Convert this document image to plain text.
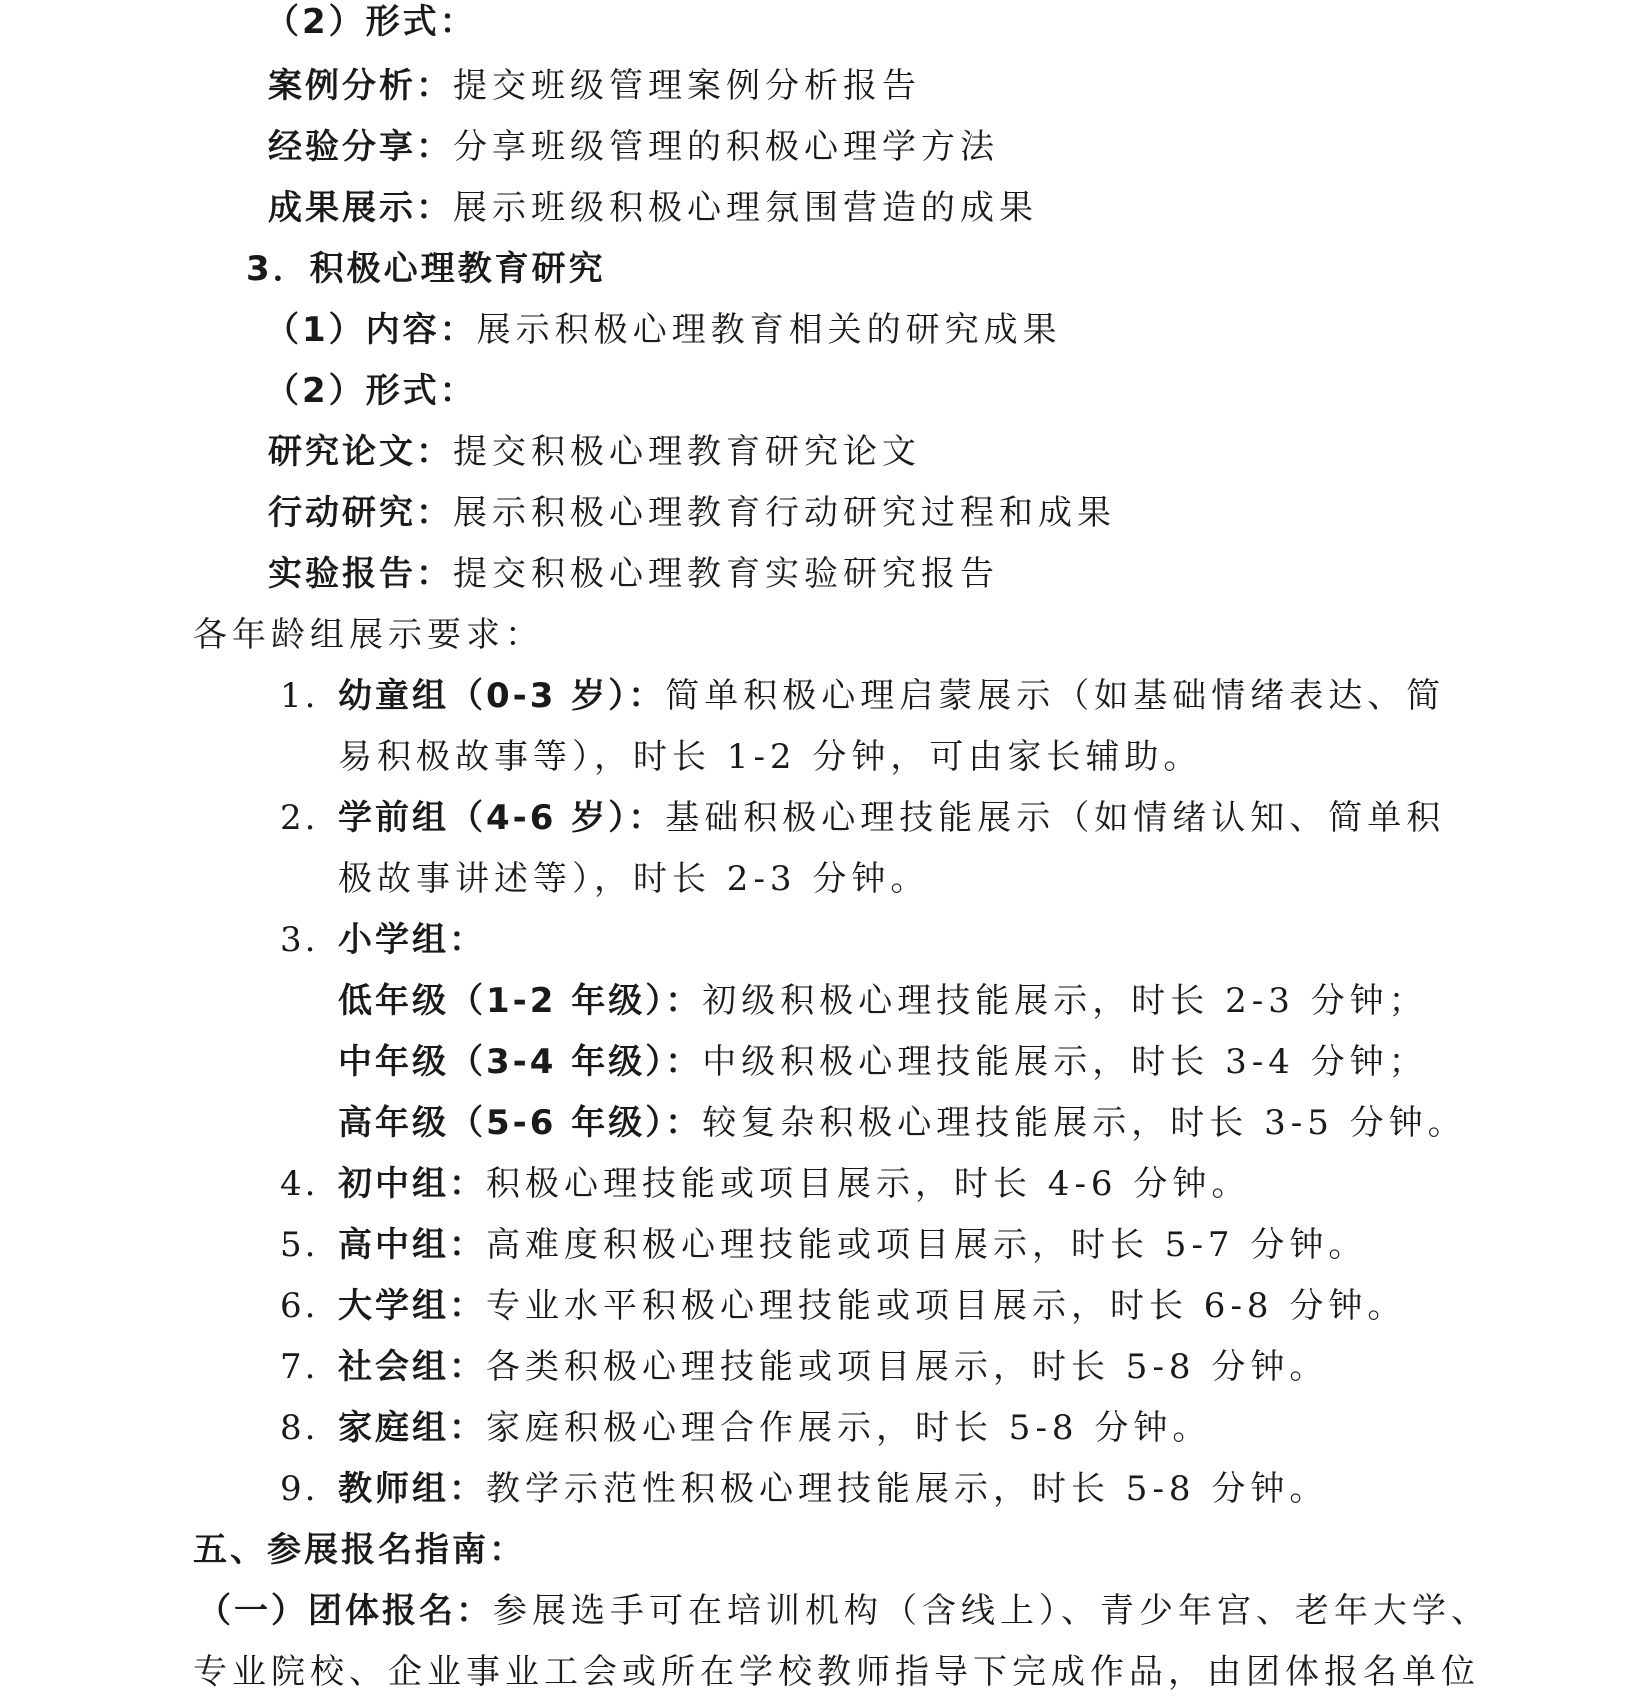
（2）形式：
案例分析：提交班级管理案例分析报告
经验分享：分享班级管理的积极心理学方法
成果展示：展示班级积极心理氛围营造的成果
3．积极心理教育研究
（1）内容：展示积极心理教育相关的研究成果
（2）形式：
研究论文：提交积极心理教育研究论文
行动研究：展示积极心理教育行动研究过程和成果
实验报告：提交积极心理教育实验研究报告
各年龄组展示要求：
1. 幼童组（0-3 岁）：简单积极心理启蒙展示（如基础情绪表达、简
易积极故事等），时长 1-2 分钟，可由家长辅助。
2. 学前组（4-6 岁）：基础积极心理技能展示（如情绪认知、简单积
极故事讲述等），时长 2-3 分钟。
3. 小学组：
低年级（1-2 年级）：初级积极心理技能展示，时长 2-3 分钟；
中年级（3-4 年级）：中级积极心理技能展示，时长 3-4 分钟；
高年级（5-6 年级）：较复杂积极心理技能展示，时长 3-5 分钟。
4. 初中组：积极心理技能或项目展示，时长 4-6 分钟。
5. 高中组：高难度积极心理技能或项目展示，时长 5-7 分钟。
6. 大学组：专业水平积极心理技能或项目展示，时长 6-8 分钟。
7. 社会组：各类积极心理技能或项目展示，时长 5-8 分钟。
8. 家庭组：家庭积极心理合作展示，时长 5-8 分钟。
9. 教师组：教学示范性积极心理技能展示，时长 5-8 分钟。
五、参展报名指南：
（一）团体报名：参展选手可在培训机构（含线上）、青少年宫、老年大学、
专业院校、企业事业工会或所在学校教师指导下完成作品，由团体报名单位
